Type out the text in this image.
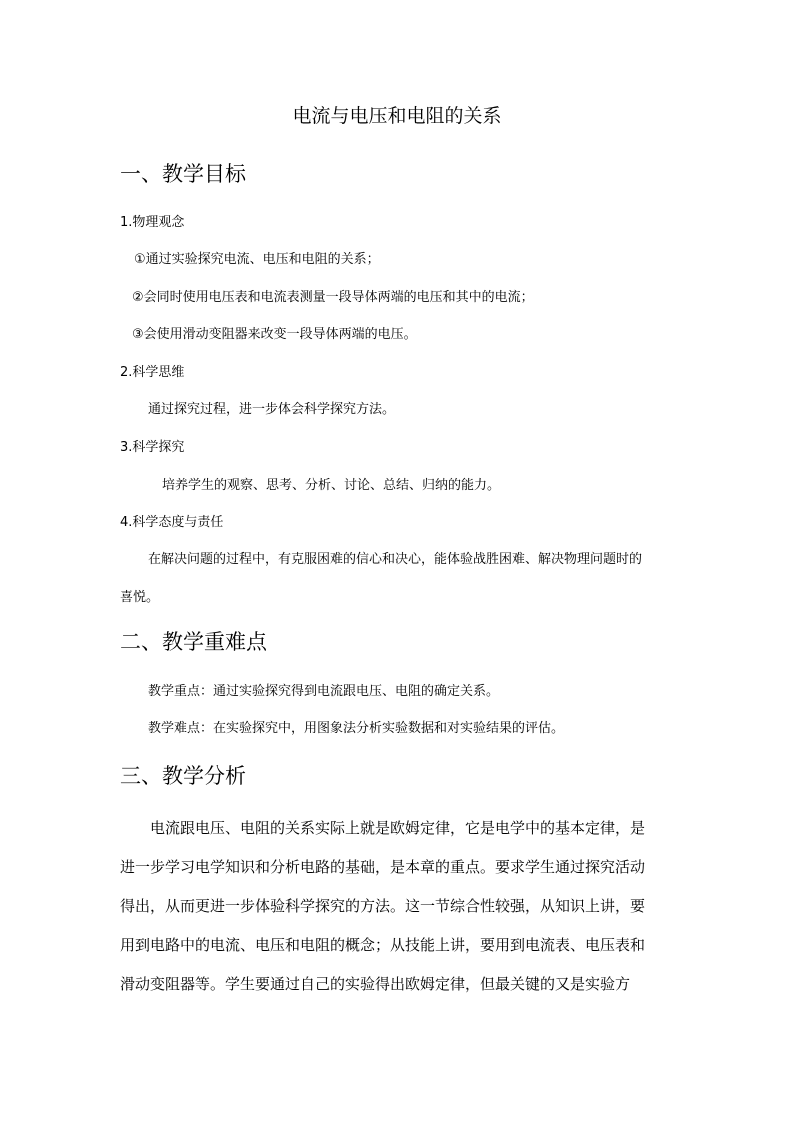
电流与电压和电阻的关系
一、教学目标
1.物理观念
①通过实验探究电流、电压和电阻的关系；
②会同时使用电压表和电流表测量一段导体两端的电压和其中的电流；
③会使用滑动变阻器来改变一段导体两端的电压。
2.科学思维
通过探究过程，进一步体会科学探究方法。
3.科学探究
培养学生的观察、思考、分析、讨论、总结、归纳的能力。
4.科学态度与责任
在解决问题的过程中，有克服困难的信心和决心，能体验战胜困难、解决物理问题时的
喜悦。
二、教学重难点
教学重点：通过实验探究得到电流跟电压、电阻的确定关系。
教学难点：在实验探究中，用图象法分析实验数据和对实验结果的评估。
三、教学分析
电流跟电压、电阻的关系实际上就是欧姆定律，它是电学中的基本定律，是
进一步学习电学知识和分析电路的基础，是本章的重点。要求学生通过探究活动
得出，从而更进一步体验科学探究的方法。这一节综合性较强，从知识上讲，要
用到电路中的电流、电压和电阻的概念；从技能上讲，要用到电流表、电压表和
滑动变阻器等。学生要通过自己的实验得出欧姆定律，但最关键的又是实验方
